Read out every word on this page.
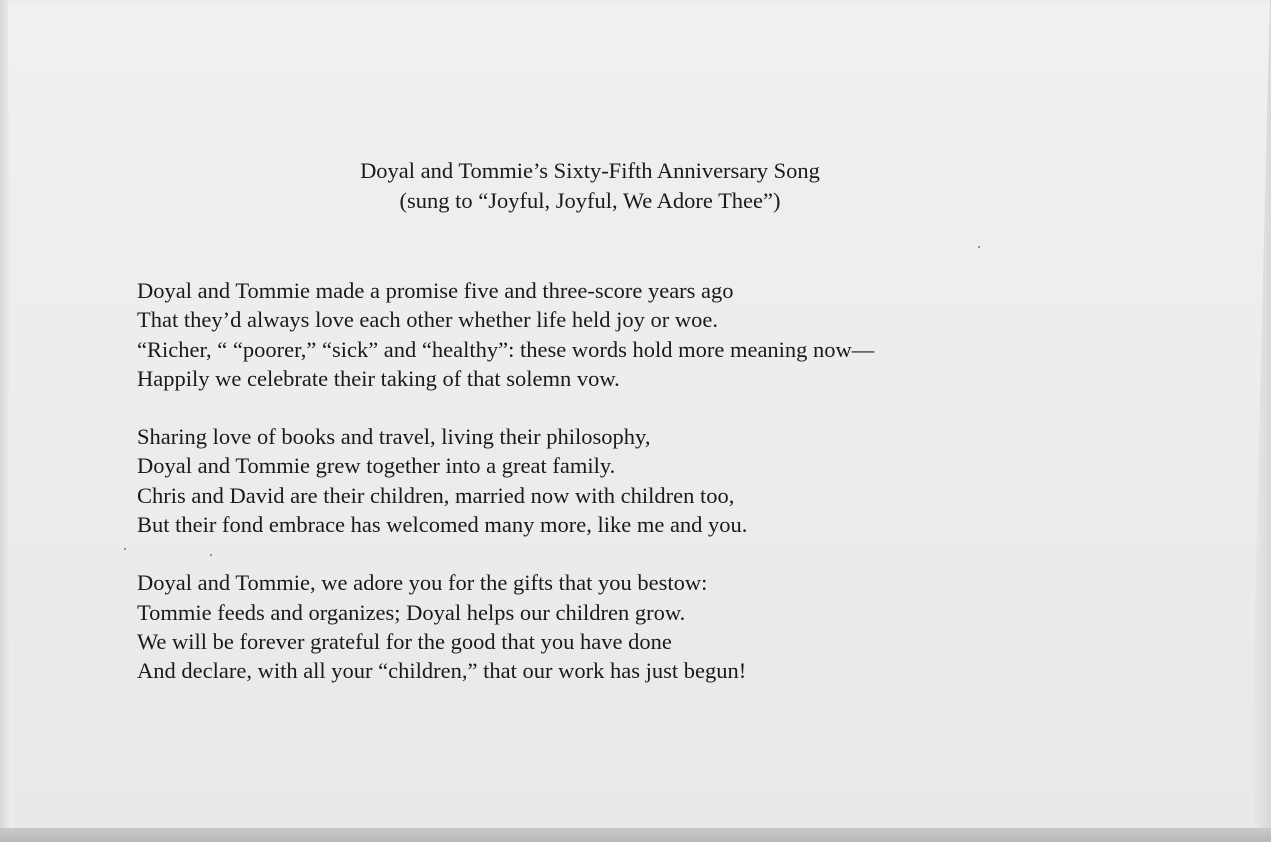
Doyal and Tommie’s Sixty-Fifth Anniversary Song
(sung to “Joyful, Joyful, We Adore Thee”)
Doyal and Tommie made a promise five and three-score years ago
That they’d always love each other whether life held joy or woe.
“Richer, “ “poorer,” “sick” and “healthy”: these words hold more meaning now—
Happily we celebrate their taking of that solemn vow.
Sharing love of books and travel, living their philosophy,
Doyal and Tommie grew together into a great family.
Chris and David are their children, married now with children too,
But their fond embrace has welcomed many more, like me and you.
Doyal and Tommie, we adore you for the gifts that you bestow:
Tommie feeds and organizes; Doyal helps our children grow.
We will be forever grateful for the good that you have done
And declare, with all your “children,” that our work has just begun!
